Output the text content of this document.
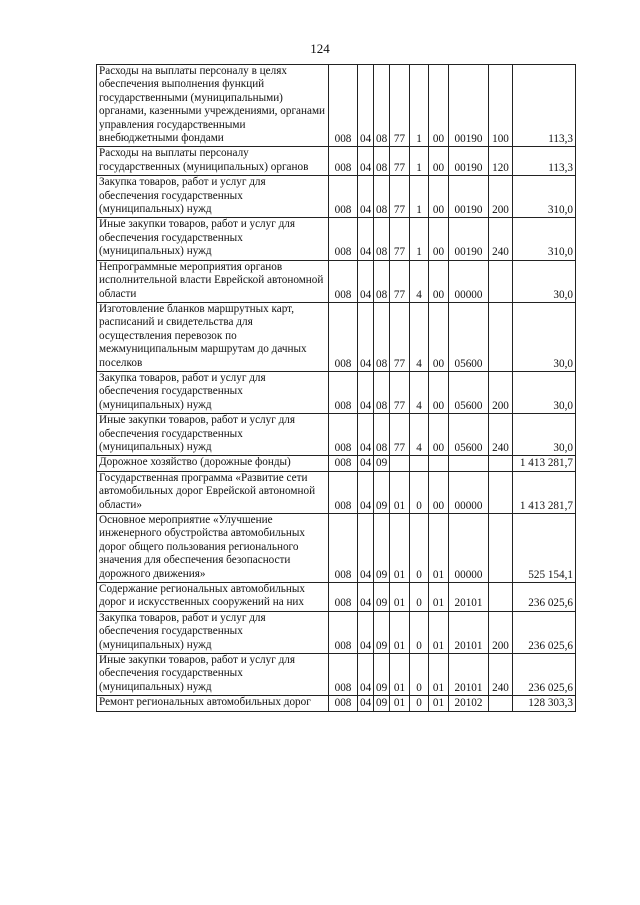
124
Расходы на выплаты персоналу в целях обеспечения выполнения функций государственными (муниципальными) органами, казенными учреждениями, органами управления государственными внебюджетными фондами	008	04	08	77	1	00	00190	100	113,3
Расходы на выплаты персоналу государственных (муниципальных) органов	008	04	08	77	1	00	00190	120	113,3
Закупка товаров, работ и услуг для обеспечения государственных (муниципальных) нужд	008	04	08	77	1	00	00190	200	310,0
Иные закупки товаров, работ и услуг для обеспечения государственных (муниципальных) нужд	008	04	08	77	1	00	00190	240	310,0
Непрограммные мероприятия органов исполнительной власти Еврейской автономной области	008	04	08	77	4	00	00000		30,0
Изготовление бланков маршрутных карт, расписаний и свидетельства для осуществления перевозок по межмуниципальным маршрутам до дачных поселков	008	04	08	77	4	00	05600		30,0
Закупка товаров, работ и услуг для обеспечения государственных (муниципальных) нужд	008	04	08	77	4	00	05600	200	30,0
Иные закупки товаров, работ и услуг для обеспечения государственных (муниципальных) нужд	008	04	08	77	4	00	05600	240	30,0
Дорожное хозяйство (дорожные фонды)	008	04	09						1 413 281,7
Государственная программа «Развитие сети автомобильных дорог Еврейской автономной области»	008	04	09	01	0	00	00000		1 413 281,7
Основное мероприятие «Улучшение инженерного обустройства автомобильных дорог общего пользования регионального значения для обеспечения безопасности дорожного движения»	008	04	09	01	0	01	00000		525 154,1
Содержание региональных автомобильных дорог и искусственных сооружений на них	008	04	09	01	0	01	20101		236 025,6
Закупка товаров, работ и услуг для обеспечения государственных (муниципальных) нужд	008	04	09	01	0	01	20101	200	236 025,6
Иные закупки товаров, работ и услуг для обеспечения государственных (муниципальных) нужд	008	04	09	01	0	01	20101	240	236 025,6
Ремонт региональных автомобильных дорог	008	04	09	01	0	01	20102		128 303,3
